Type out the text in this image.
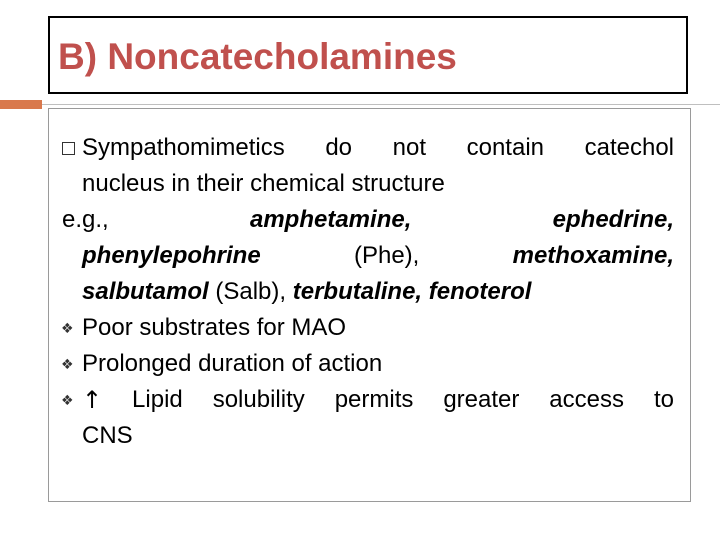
B) Noncatecholamines
Sympathomimetics do not contain catechol
nucleus in their chemical structure
e.g.,	amphetamine,	ephedrine,
phenylepohrine	(Phe),	methoxamine,
salbutamol (Salb), terbutaline, fenoterol
❖ Poor substrates for MAO
❖ Prolonged duration of action
❖ ↑ Lipid solubility permits greater access to
CNS
